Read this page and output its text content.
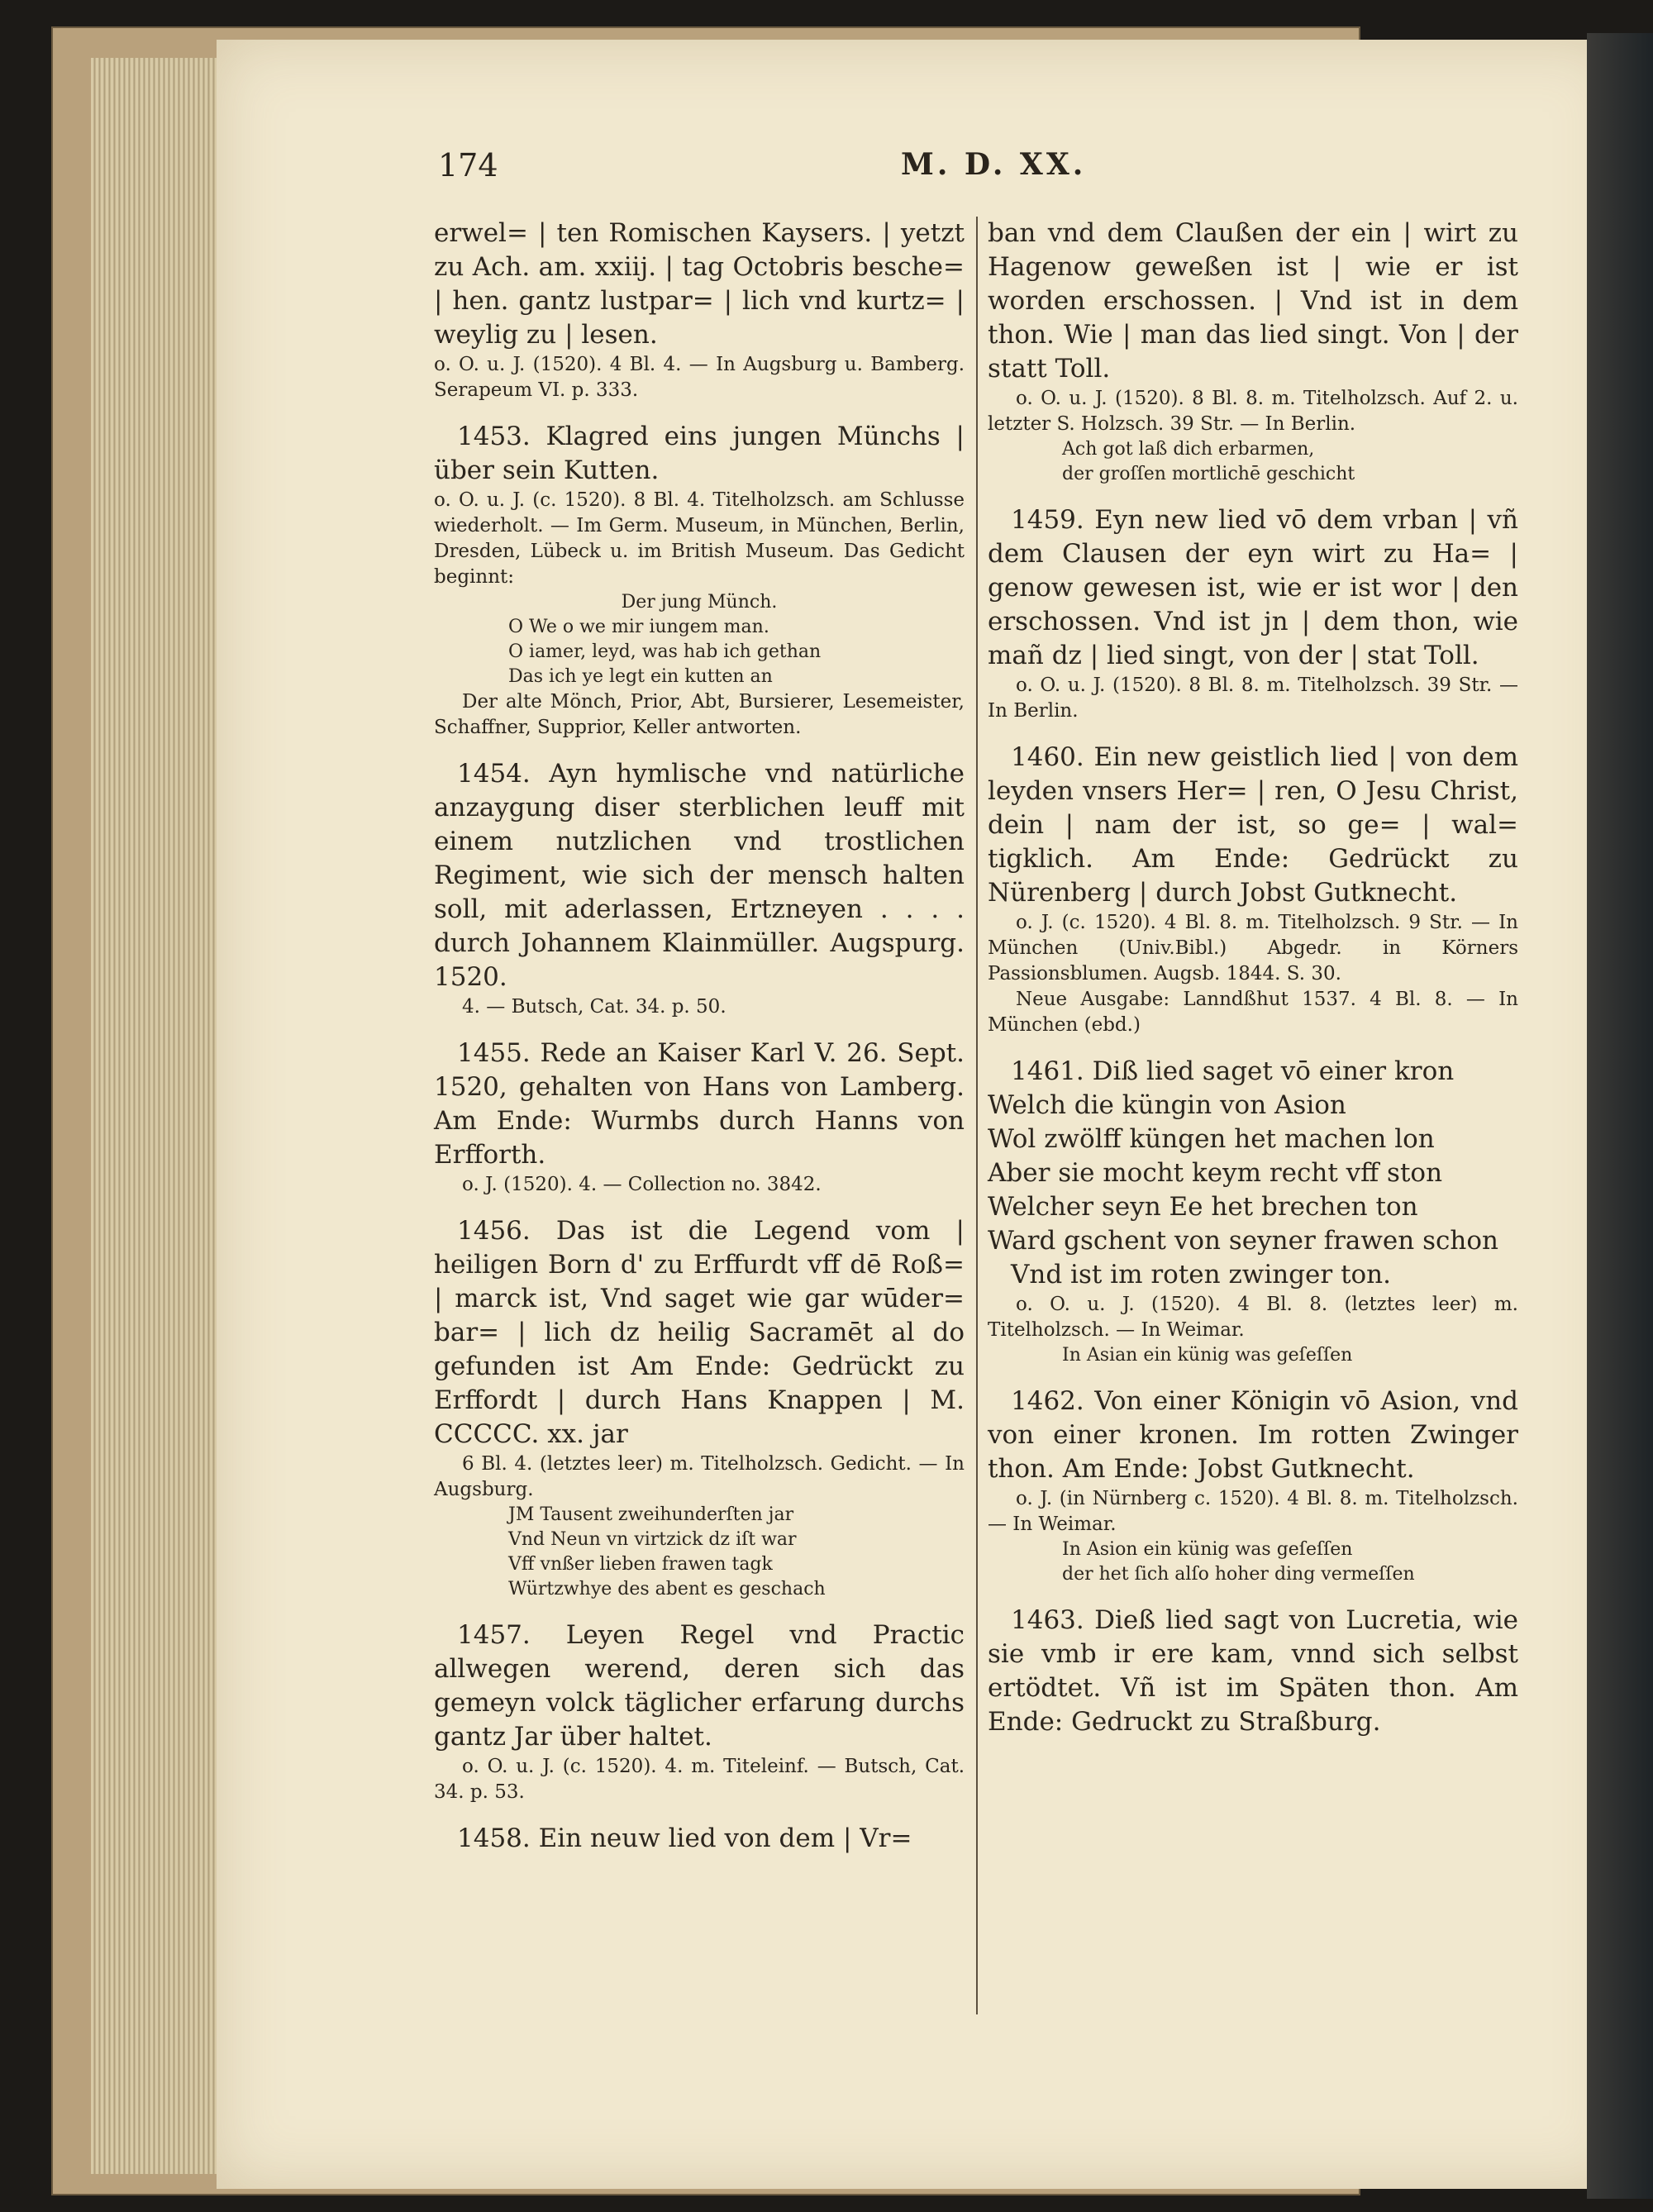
174	M. D. XX.

erwel= | ten Romischen Kaysers. | yetzt zu Ach. am. xxiij. | tag Octobris besche= | hen. gantz lustpar= | lich vnd kurtz= | weylig zu | lesen.

o. O. u. J. (1520). 4 Bl. 4. — In Augsburg u. Bamberg. Serapeum VI. p. 333.

1453. Klagred eins jungen Münchs | über sein Kutten.

o. O. u. J. (c. 1520). 8 Bl. 4. Titelholzsch. am Schlusse wiederholt. — Im Germ. Museum, in München, Berlin, Dresden, Lübeck u. im British Museum. Das Gedicht beginnt:

Der jung Münch.

O We o we mir iungem man.

O iamer, leyd, was hab ich gethan

Das ich ye legt ein kutten an

Der alte Mönch, Prior, Abt, Bursierer, Lesemeister, Schaffner, Supprior, Keller antworten.

1454. Ayn hymlische vnd natürliche anzaygung diser sterblichen leuff mit einem nutzlichen vnd trostlichen Regiment, wie sich der mensch halten soll, mit aderlassen, Ertzneyen . . . . durch Johannem Klainmüller. Augspurg. 1520.

4. — Butsch, Cat. 34. p. 50.

1455. Rede an Kaiser Karl V. 26. Sept. 1520, gehalten von Hans von Lamberg. Am Ende: Wurmbs durch Hanns von Erfforth.

o. J. (1520). 4. — Collection no. 3842.

1456. Das ist die Legend vom | heiligen Born d' zu Erffurdt vff dē Roß= | marck ist, Vnd saget wie gar wūder= bar= | lich dz heilig Sacramēt al do gefunden ist Am Ende: Gedrückt zu Erffordt | durch Hans Knappen | M. CCCCC. xx. jar

6 Bl. 4. (letztes leer) m. Titelholzsch. Gedicht. — In Augsburg.

JM Tausent zweihunderſten jar

Vnd Neun vn virtzick dz iſt war

Vff vnßer lieben frawen tagk

Würtzwhye des abent es geschach

1457. Leyen Regel vnd Practic allwegen werend, deren sich das gemeyn volck täglicher erfarung durchs gantz Jar über haltet.

o. O. u. J. (c. 1520). 4. m. Titeleinf. — Butsch, Cat. 34. p. 53.

1458. Ein neuw lied von dem | Vr=

ban vnd dem Claußen der ein | wirt zu Hagenow geweßen ist | wie er ist worden erschossen. | Vnd ist in dem thon. Wie | man das lied singt. Von | der statt Toll.

o. O. u. J. (1520). 8 Bl. 8. m. Titelholzsch. Auf 2. u. letzter S. Holzsch. 39 Str. — In Berlin.

Ach got laß dich erbarmen,

der groſſen mortlichē geschicht

1459. Eyn new lied vō dem vrban | vñ dem Clausen der eyn wirt zu Ha= | genow gewesen ist, wie er ist wor | den erschossen. Vnd ist jn | dem thon, wie mañ dz | lied singt, von der | stat Toll.

o. O. u. J. (1520). 8 Bl. 8. m. Titelholzsch. 39 Str. — In Berlin.

1460. Ein new geistlich lied | von dem leyden vnsers Her= | ren, O Jesu Christ, dein | nam der ist, so ge= | wal= tigklich. Am Ende: Gedrückt zu Nürenberg | durch Jobst Gutknecht.

o. J. (c. 1520). 4 Bl. 8. m. Titelholzsch. 9 Str. — In München (Univ.Bibl.) Abgedr. in Körners Passionsblumen. Augsb. 1844. S. 30.

Neue Ausgabe: Lanndßhut 1537. 4 Bl. 8. — In München (ebd.)

1461. Diß lied saget vō einer kron

Welch die küngin von Asion

Wol zwölff küngen het machen lon

Aber sie mocht keym recht vff ston

Welcher seyn Ee het brechen ton

Ward gschent von seyner frawen schon

Vnd ist im roten zwinger ton.

o. O. u. J. (1520). 4 Bl. 8. (letztes leer) m. Titelholzsch. — In Weimar.

In Asian ein künig was geſeſſen

1462. Von einer Königin vō Asion, vnd von einer kronen. Im rotten Zwinger thon. Am Ende: Jobst Gutknecht.

o. J. (in Nürnberg c. 1520). 4 Bl. 8. m. Titelholzsch. — In Weimar.

In Asion ein künig was geſeſſen

der het ſich alſo hoher ding vermeſſen

1463. Dieß lied sagt von Lucretia, wie sie vmb ir ere kam, vnnd sich selbst ertödtet. Vñ ist im Späten thon. Am Ende: Gedruckt zu Straßburg.
